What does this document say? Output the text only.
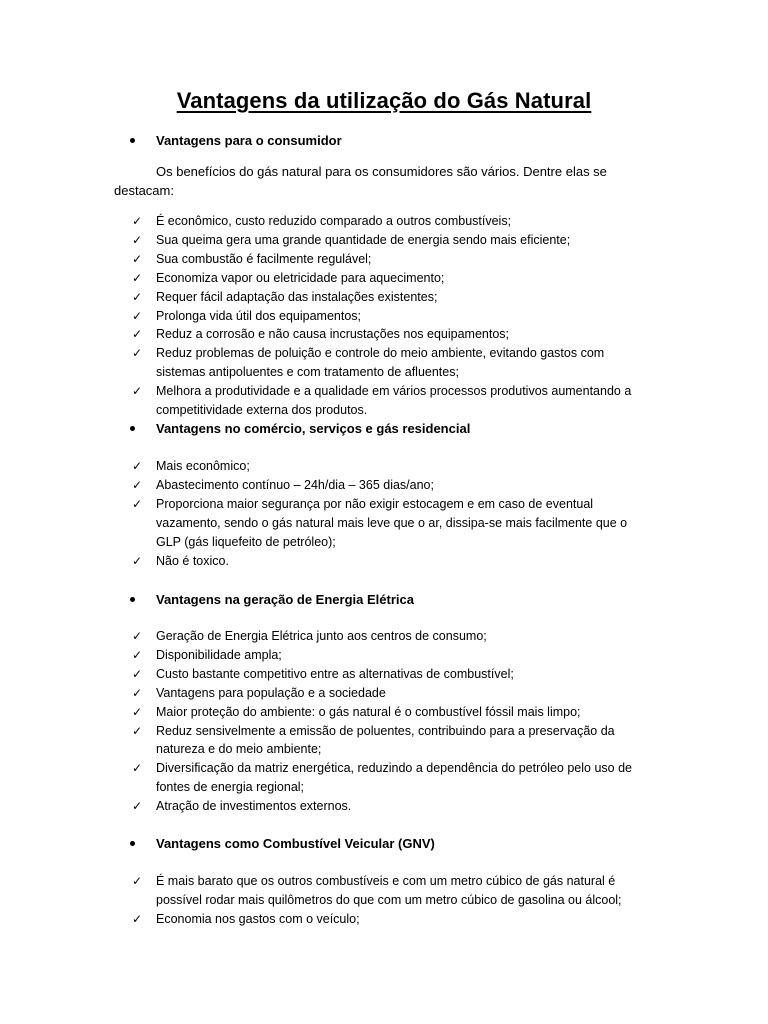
Vantagens da utilização do Gás Natural
Vantagens para o consumidor
Os benefícios do gás natural para os consumidores são vários. Dentre elas se destacam:
✓ É econômico, custo reduzido comparado a outros combustíveis;
✓ Sua queima gera uma grande quantidade de energia sendo mais eficiente;
✓ Sua combustão é facilmente regulável;
✓ Economiza vapor ou eletricidade para aquecimento;
✓ Requer fácil adaptação das instalações existentes;
✓ Prolonga vida útil dos equipamentos;
✓ Reduz a corrosão e não causa incrustações nos equipamentos;
✓ Reduz problemas de poluição e controle do meio ambiente, evitando gastos com sistemas antipoluentes e com tratamento de afluentes;
✓ Melhora a produtividade e a qualidade em vários processos produtivos aumentando a competitividade externa dos produtos.
Vantagens no comércio, serviços e gás residencial
✓ Mais econômico;
✓ Abastecimento contínuo – 24h/dia – 365 dias/ano;
✓ Proporciona maior segurança por não exigir estocagem e em caso de eventual vazamento, sendo o gás natural mais leve que o ar, dissipa-se mais facilmente que o GLP (gás liquefeito de petróleo);
✓ Não é toxico.
Vantagens na geração de Energia Elétrica
✓ Geração de Energia Elétrica junto aos centros de consumo;
✓ Disponibilidade ampla;
✓ Custo bastante competitivo entre as alternativas de combustível;
✓ Vantagens para população e a sociedade
✓ Maior proteção do ambiente: o gás natural é o combustível fóssil mais limpo;
✓ Reduz sensivelmente a emissão de poluentes, contribuindo para a preservação da natureza e do meio ambiente;
✓ Diversificação da matriz energética, reduzindo a dependência do petróleo pelo uso de fontes de energia regional;
✓ Atração de investimentos externos.
Vantagens como Combustível Veicular (GNV)
✓ É mais barato que os outros combustíveis e com um metro cúbico de gás natural é possível rodar mais quilômetros do que com um metro cúbico de gasolina ou álcool;
✓ Economia nos gastos com o veículo;
